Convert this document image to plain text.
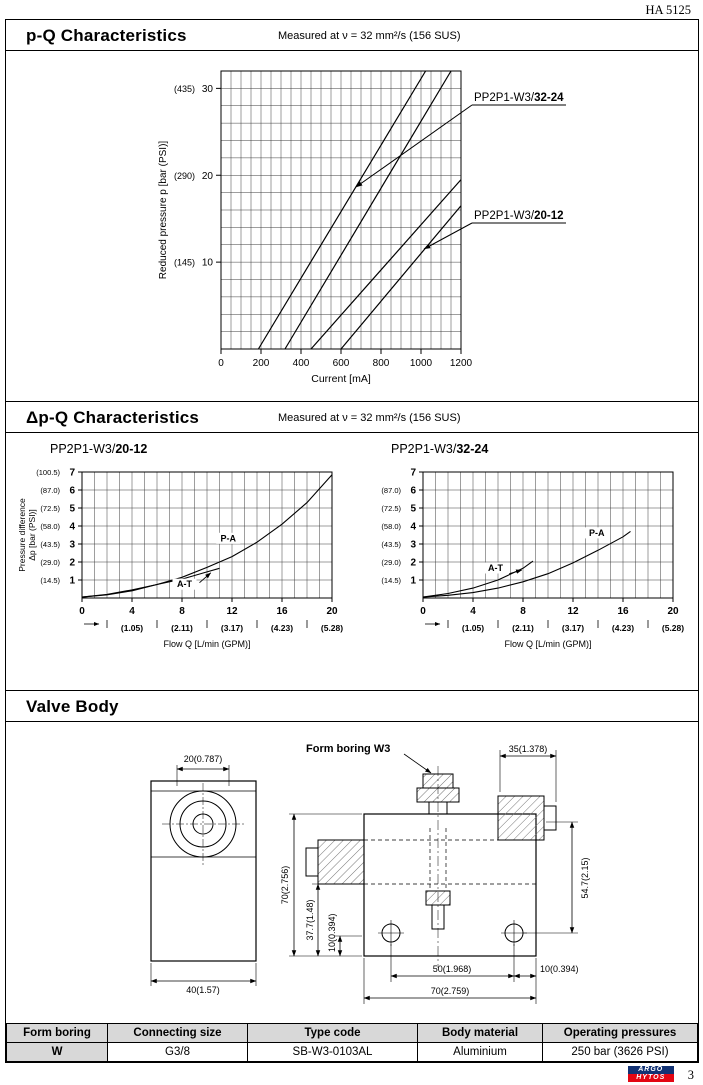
HA 5125
p-Q Characteristics	Measured at ν = 32 mm²/s (156 SUS)
10
(145)
20
(290)
30
(435)
0	200 400 600 800 1000 1200
Current [mA]
Reduced pressure p [bar (PSI)]
PP2P1-W3/32-24
PP2P1-W3/20-12
Δp-Q Characteristics	Measured at ν = 32 mm²/s (156 SUS)
PP2P1-W3/20-12
1
(14.5)
2
(29.0)
3
(43.5)
4
(58.0)
5
(72.5)
6
(87.0)
7
(100.5)
0	4	8	12	16	20
(1.05)	(2.11)	(3.17)	(4.23)	(5.28)
Flow Q [L/min (GPM)]
Pressure differenceΔp [bar (PSI)]	P-A
A-T
PP2P1-W3/32-24
1
(14.5)
2
(29.0)
3
(43.5)
4
(58.0)
5
(72.5)
6
(87.0)
7
0	4	8	12	16	20
(1.05)	(2.11)	(3.17)	(4.23)	(5.28)
Flow Q [L/min (GPM)]
P-A
A-T
Valve Body
20(0.787)
40(1.57)
35(1.378)
70(2.756)
37.7(1.48) 10(0.394)
54.7(2.15)
50(1.968)	10(0.394)
70(2.759)
Form boring W3
Form boring	Connecting size	Type code	Body material	Operating pressures
W	G3/8	SB-W3-0103AL	Aluminium	250 bar (3626 PSI)
ARGO
HYTOS	3
